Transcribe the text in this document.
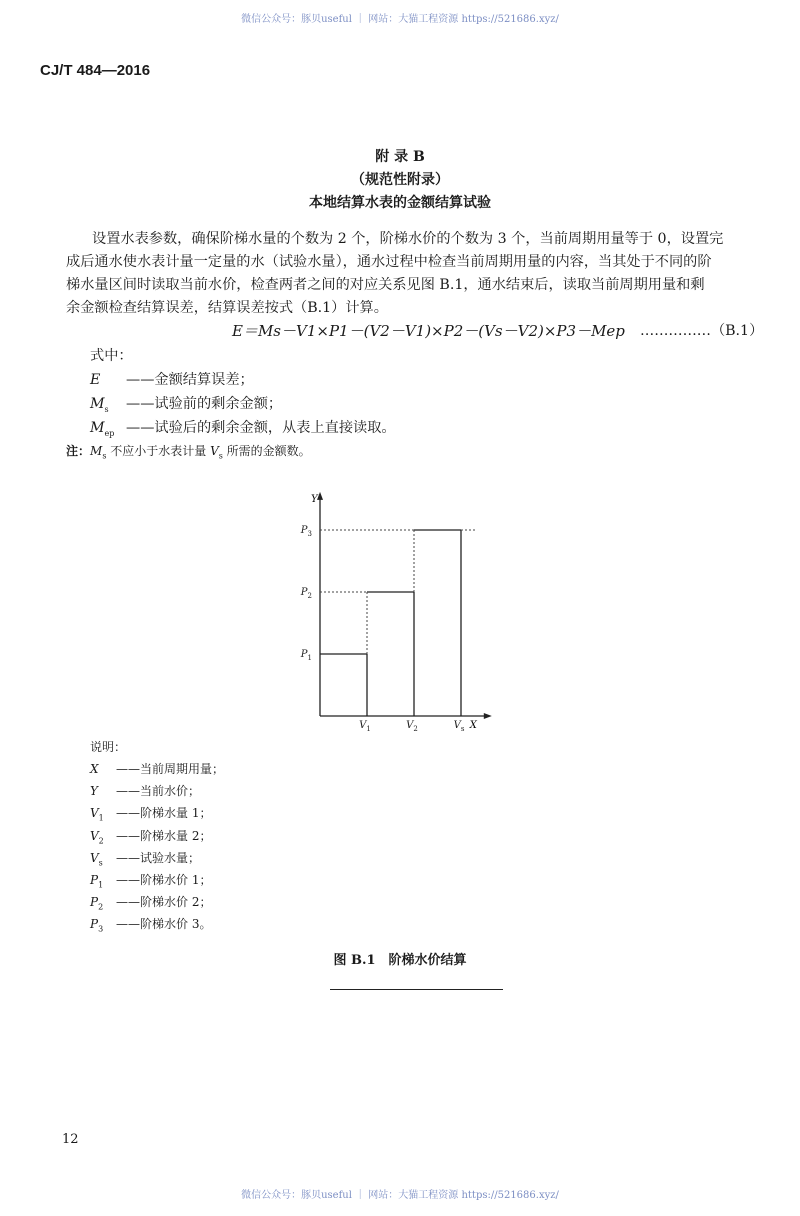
微信公众号：豚贝useful ｜ 网站：大猫工程资源 https://521686.xyz/
CJ/T 484—2016
附 录 B
（规范性附录）
本地结算水表的金额结算试验
设置水表参数，确保阶梯水量的个数为 2 个，阶梯水价的个数为 3 个，当前周期用量等于 0，设置完
成后通水使水表计量一定量的水（试验水量），通水过程中检查当前周期用量的内容，当其处于不同的阶
梯水量区间时读取当前水价，检查两者之间的对应关系见图 B.1，通水结束后，读取当前周期用量和剩
余金额检查结算误差，结算误差按式（B.1）计算。
E＝Ms－V1×P1－(V2－V1)×P2－(Vs－V2)×P3－Mep ……………（B.1）
式中：
E ——金额结算误差；
$M_s$ ——试验前的剩余金额；
$M_{ep}$ ——试验后的剩余金额，从表上直接读取。
注：$M_s$ 不应小于水表计量 $V_s$ 所需的金额数。
$V_1$	$V_2$	$V_s$
$P_1$
$P_2$
$P_3$
X
Y
说明：
X ——当前周期用量；
Y ——当前水价；
$V_1$ ——阶梯水量 1；
$V_2$ ——阶梯水量 2；
$V_s$ ——试验水量；
$P_1$ ——阶梯水价 1；
$P_2$ ——阶梯水价 2；
$P_3$ ——阶梯水价 3。
图 B.1　阶梯水价结算
12
微信公众号：豚贝useful ｜ 网站：大猫工程资源 https://521686.xyz/
